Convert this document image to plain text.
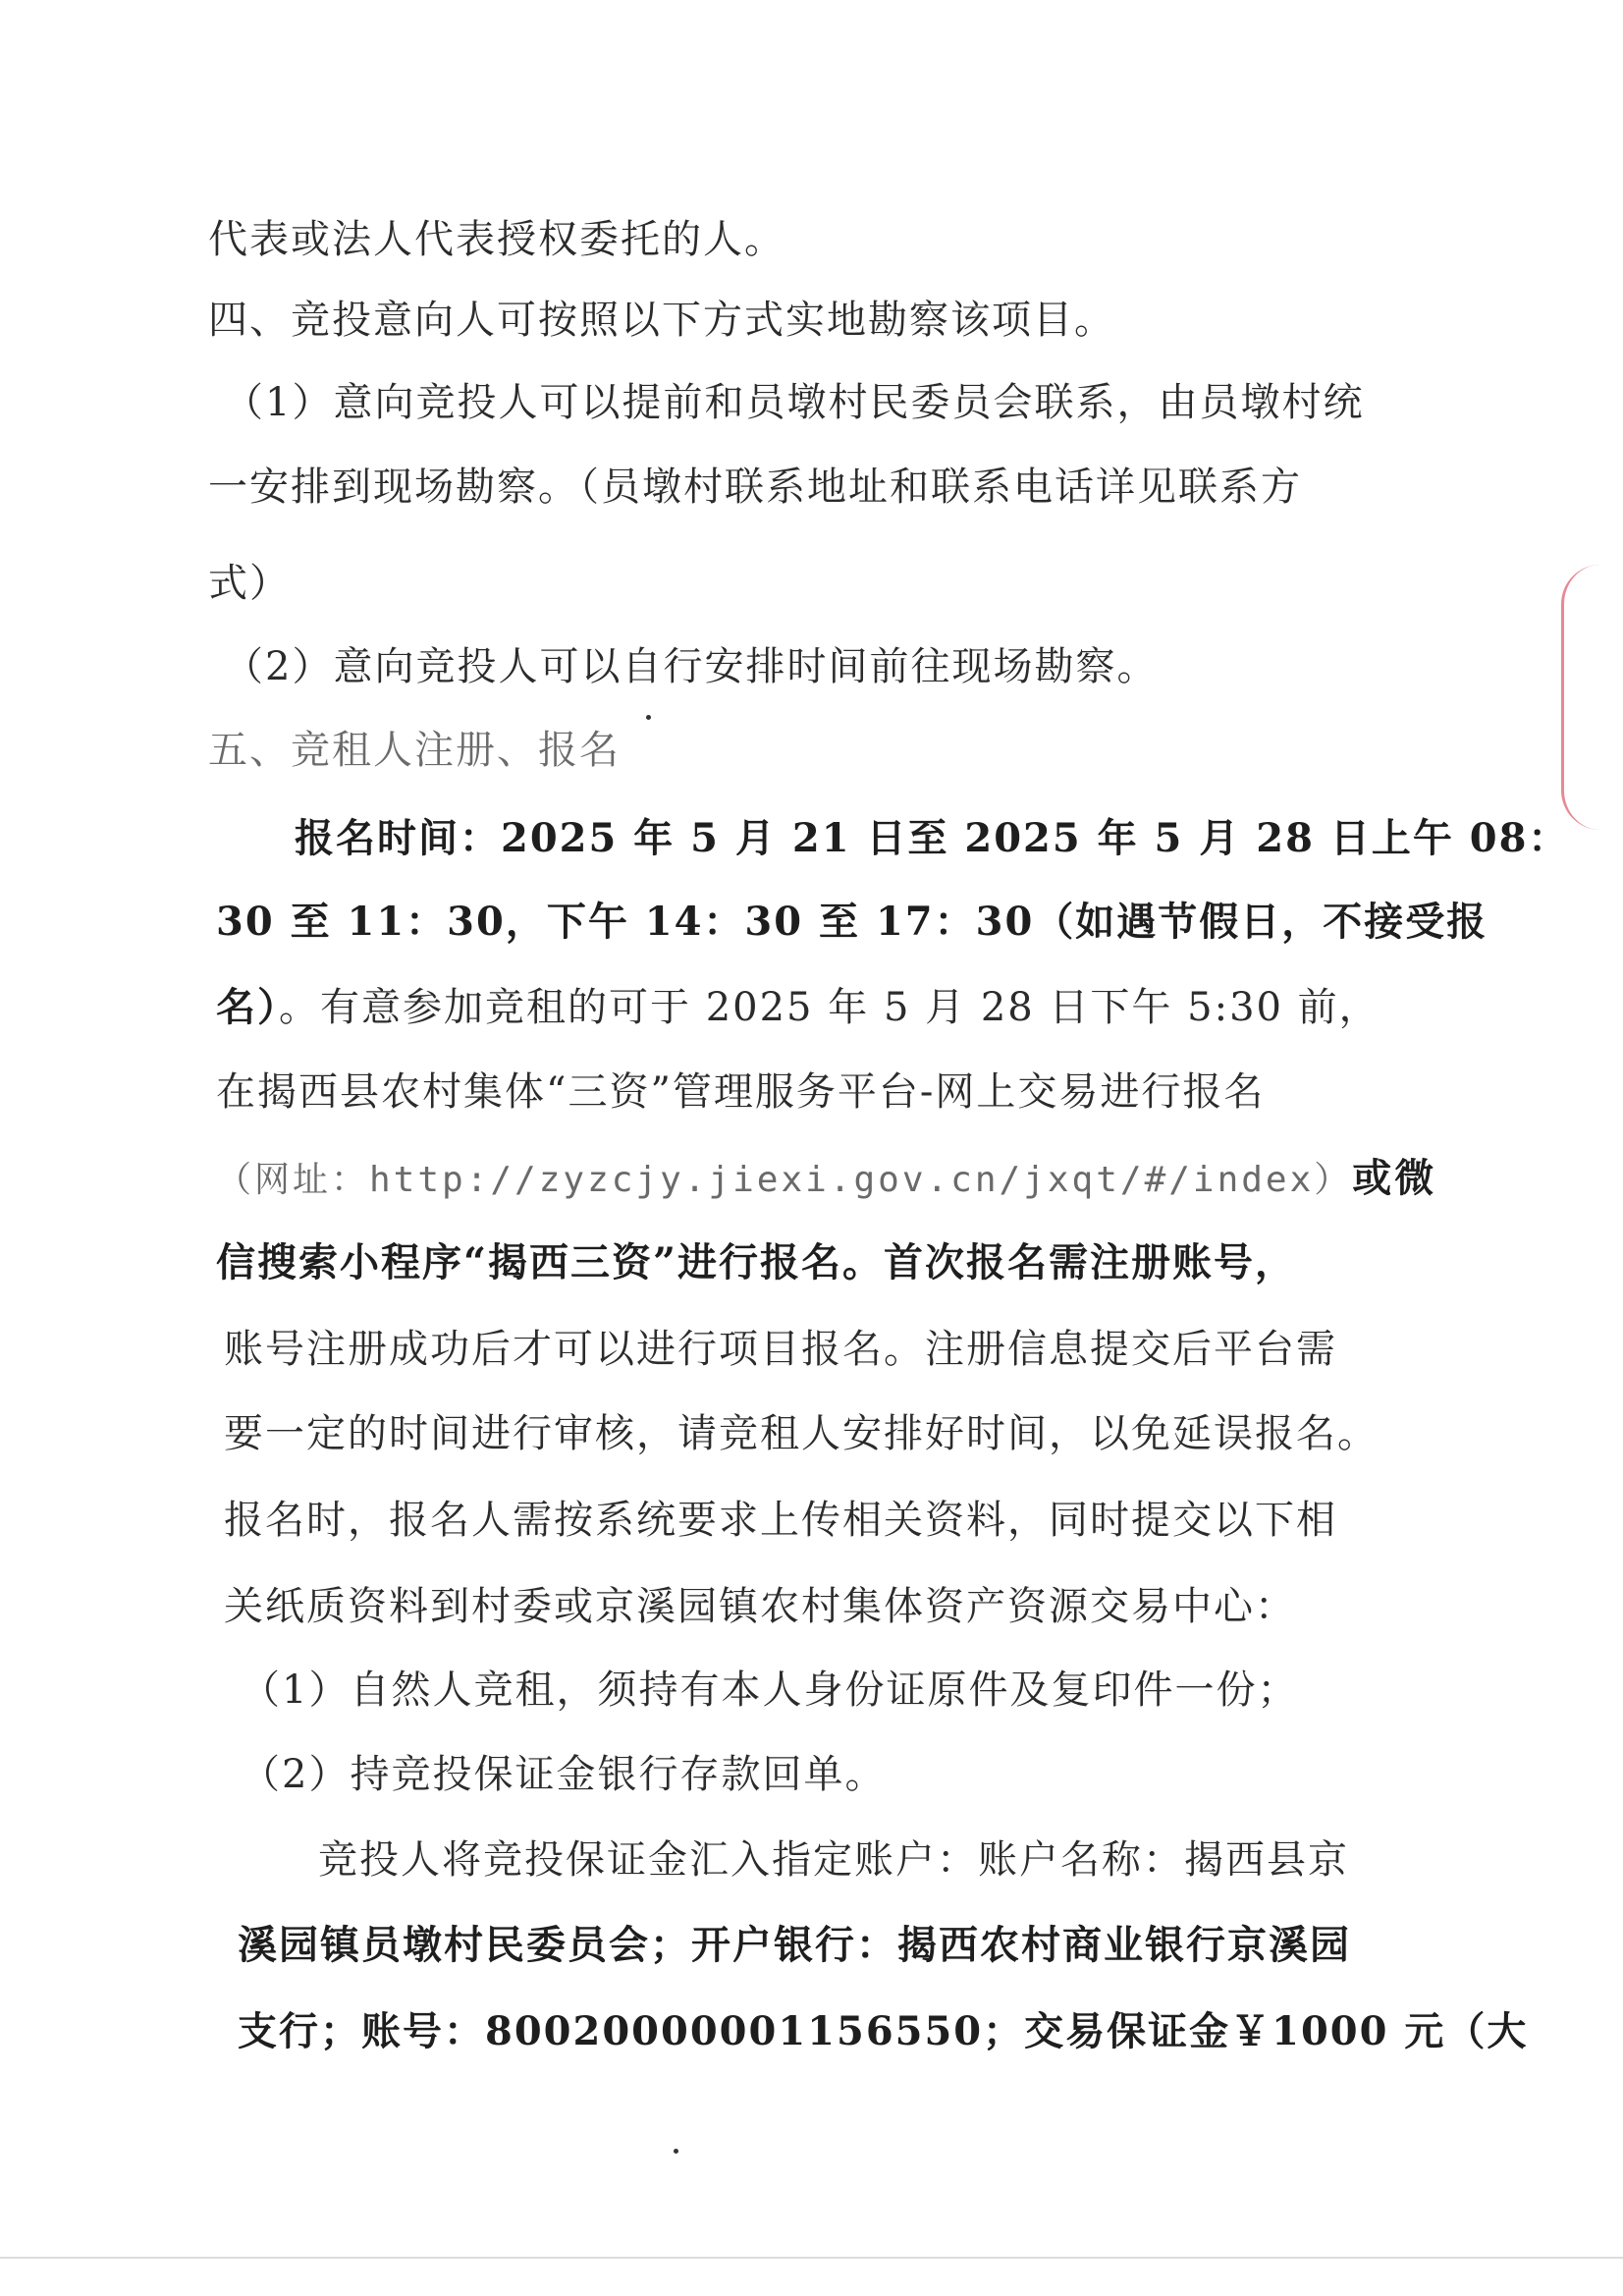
代表或法人代表授权委托的人。
四、竞投意向人可按照以下方式实地勘察该项目。
（1）意向竞投人可以提前和员墩村民委员会联系，由员墩村统
一安排到现场勘察。（员墩村联系地址和联系电话详见联系方
式）
（2）意向竞投人可以自行安排时间前往现场勘察。
五、竞租人注册、报名
报名时间：2025 年 5 月 21 日至 2025 年 5 月 28 日上午 08：
30 至 11：30，下午 14：30 至 17：30（如遇节假日，不接受报
名）。有意参加竞租的可于 2025 年 5 月 28 日下午 5:30 前，
在揭西县农村集体“三资”管理服务平台-网上交易进行报名
（网址：http://zyzcjy.jiexi.gov.cn/jxqt/#/index）或微
信搜索小程序“揭西三资”进行报名。首次报名需注册账号，
账号注册成功后才可以进行项目报名。注册信息提交后平台需
要一定的时间进行审核，请竞租人安排好时间，以免延误报名。
报名时，报名人需按系统要求上传相关资料，同时提交以下相
关纸质资料到村委或京溪园镇农村集体资产资源交易中心：
（1）自然人竞租，须持有本人身份证原件及复印件一份；
（2）持竞投保证金银行存款回单。
竞投人将竞投保证金汇入指定账户：账户名称：揭西县京
溪园镇员墩村民委员会；开户银行：揭西农村商业银行京溪园
支行；账号：80020000001156550；交易保证金￥1000 元（大
